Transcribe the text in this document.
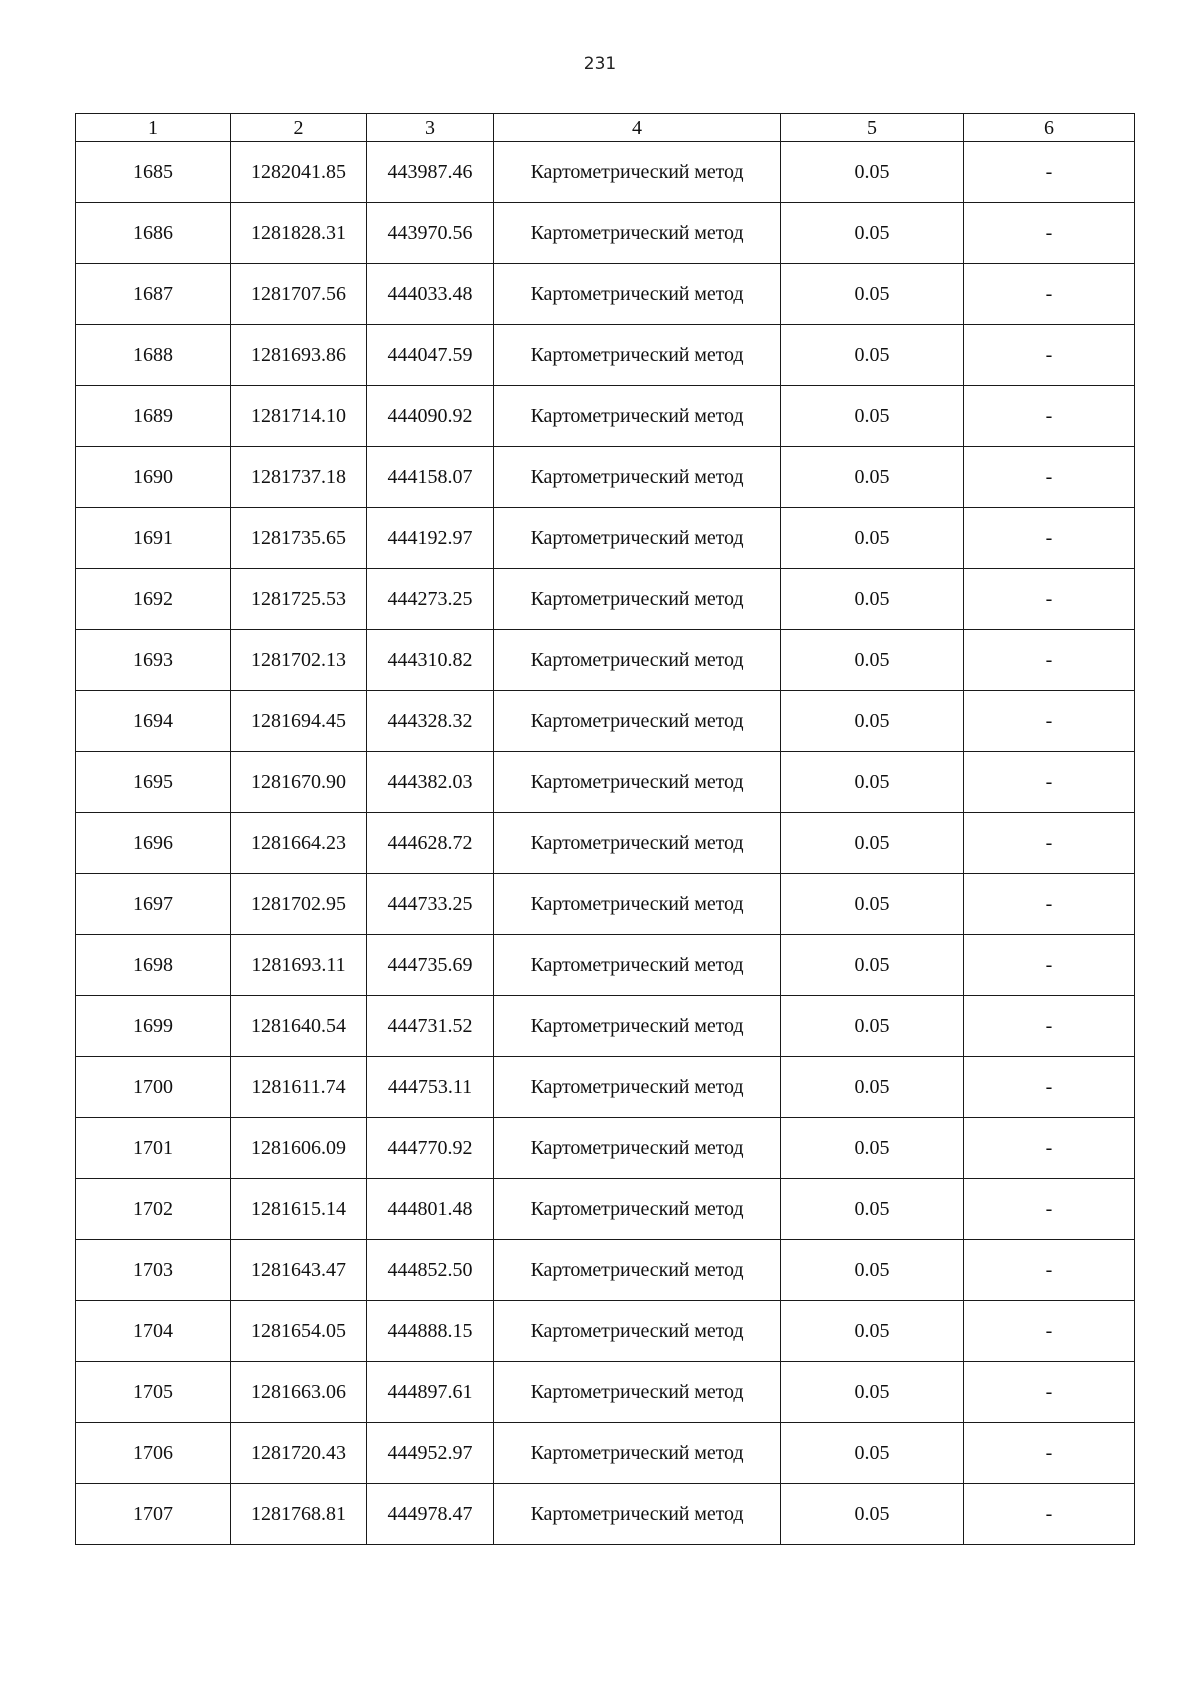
231
1	2	3	4	5	6
1685	1282041.85	443987.46	Картометрический метод	0.05	-
1686	1281828.31	443970.56	Картометрический метод	0.05	-
1687	1281707.56	444033.48	Картометрический метод	0.05	-
1688	1281693.86	444047.59	Картометрический метод	0.05	-
1689	1281714.10	444090.92	Картометрический метод	0.05	-
1690	1281737.18	444158.07	Картометрический метод	0.05	-
1691	1281735.65	444192.97	Картометрический метод	0.05	-
1692	1281725.53	444273.25	Картометрический метод	0.05	-
1693	1281702.13	444310.82	Картометрический метод	0.05	-
1694	1281694.45	444328.32	Картометрический метод	0.05	-
1695	1281670.90	444382.03	Картометрический метод	0.05	-
1696	1281664.23	444628.72	Картометрический метод	0.05	-
1697	1281702.95	444733.25	Картометрический метод	0.05	-
1698	1281693.11	444735.69	Картометрический метод	0.05	-
1699	1281640.54	444731.52	Картометрический метод	0.05	-
1700	1281611.74	444753.11	Картометрический метод	0.05	-
1701	1281606.09	444770.92	Картометрический метод	0.05	-
1702	1281615.14	444801.48	Картометрический метод	0.05	-
1703	1281643.47	444852.50	Картометрический метод	0.05	-
1704	1281654.05	444888.15	Картометрический метод	0.05	-
1705	1281663.06	444897.61	Картометрический метод	0.05	-
1706	1281720.43	444952.97	Картометрический метод	0.05	-
1707	1281768.81	444978.47	Картометрический метод	0.05	-
